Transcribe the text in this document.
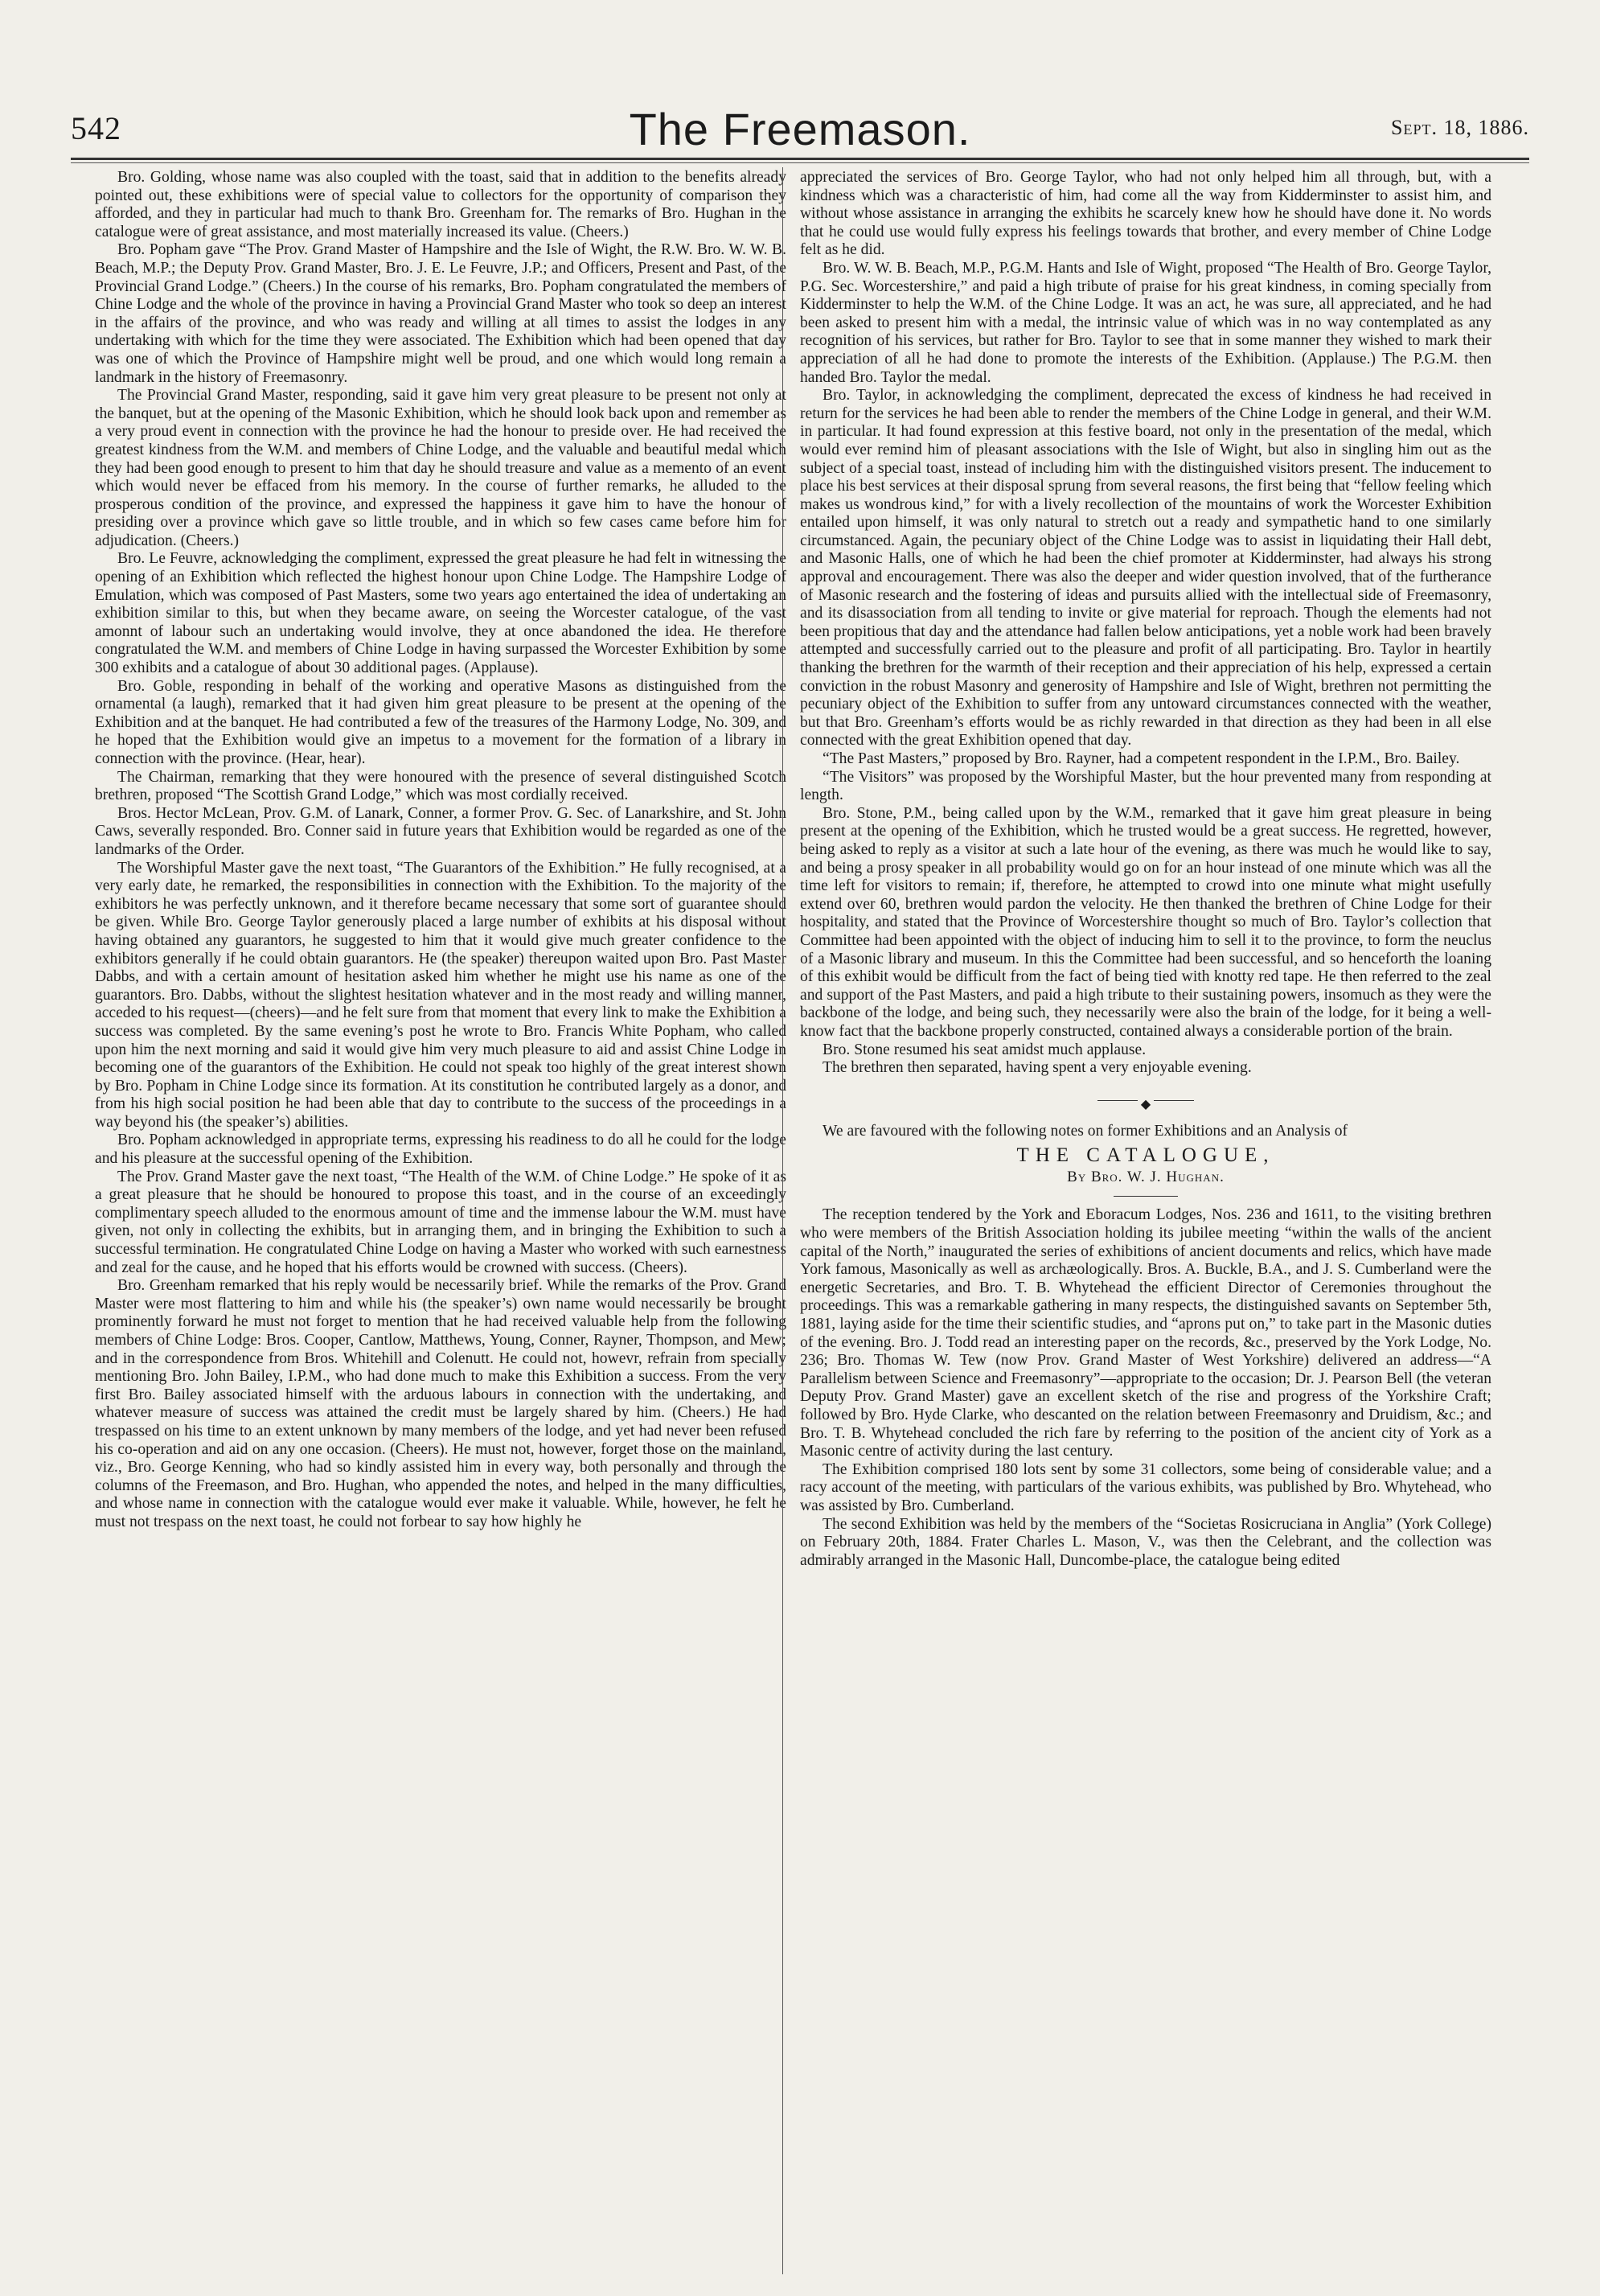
542	The Freemason.	Sept. 18, 1886.

Bro. Golding, whose name was also coupled with the toast, said that in addition to the benefits already pointed out, these exhibitions were of special value to collectors for the opportunity of comparison they afforded, and they in particular had much to thank Bro. Greenham for. The remarks of Bro. Hughan in the catalogue were of great assistance, and most materially increased its value. (Cheers.)

Bro. Popham gave “The Prov. Grand Master of Hampshire and the Isle of Wight, the R.W. Bro. W. W. B. Beach, M.P.; the Deputy Prov. Grand Master, Bro. J. E. Le Feuvre, J.P.; and Officers, Present and Past, of the Provincial Grand Lodge.” (Cheers.) In the course of his remarks, Bro. Popham congratulated the members of Chine Lodge and the whole of the province in having a Provincial Grand Master who took so deep an interest in the affairs of the province, and who was ready and willing at all times to assist the lodges in any undertaking with which for the time they were associated. The Exhibition which had been opened that day was one of which the Province of Hampshire might well be proud, and one which would long remain a landmark in the history of Freemasonry.

The Provincial Grand Master, responding, said it gave him very great pleasure to be present not only at the banquet, but at the opening of the Masonic Exhibition, which he should look back upon and remember as a very proud event in connection with the province he had the honour to preside over. He had received the greatest kindness from the W.M. and members of Chine Lodge, and the valuable and beautiful medal which they had been good enough to present to him that day he should treasure and value as a memento of an event which would never be effaced from his memory. In the course of further remarks, he alluded to the prosperous condition of the province, and expressed the happiness it gave him to have the honour of presiding over a province which gave so little trouble, and in which so few cases came before him for adjudication. (Cheers.)

Bro. Le Feuvre, acknowledging the compliment, expressed the great pleasure he had felt in witnessing the opening of an Exhibition which reflected the highest honour upon Chine Lodge. The Hampshire Lodge of Emulation, which was composed of Past Masters, some two years ago entertained the idea of undertaking an exhibition similar to this, but when they became aware, on seeing the Worcester catalogue, of the vast amonnt of labour such an undertaking would involve, they at once abandoned the idea. He therefore congratulated the W.M. and members of Chine Lodge in having surpassed the Worcester Exhibition by some 300 exhibits and a catalogue of about 30 additional pages. (Applause).

Bro. Goble, responding in behalf of the working and operative Masons as distinguished from the ornamental (a laugh), remarked that it had given him great pleasure to be present at the opening of the Exhibition and at the banquet. He had contributed a few of the treasures of the Harmony Lodge, No. 309, and he hoped that the Exhibition would give an impetus to a movement for the formation of a library in connection with the province. (Hear, hear).

The Chairman, remarking that they were honoured with the presence of several distinguished Scotch brethren, proposed “The Scottish Grand Lodge,” which was most cordially received.

Bros. Hector McLean, Prov. G.M. of Lanark, Conner, a former Prov. G. Sec. of Lanarkshire, and St. John Caws, severally responded. Bro. Conner said in future years that Exhibition would be regarded as one of the landmarks of the Order.

The Worshipful Master gave the next toast, “The Guarantors of the Exhibition.” He fully recognised, at a very early date, he remarked, the responsibilities in connection with the Exhibition. To the majority of the exhibitors he was perfectly unknown, and it therefore became necessary that some sort of guarantee should be given. While Bro. George Taylor generously placed a large number of exhibits at his disposal without having obtained any guarantors, he suggested to him that it would give much greater confidence to the exhibitors generally if he could obtain guarantors. He (the speaker) thereupon waited upon Bro. Past Master Dabbs, and with a certain amount of hesitation asked him whether he might use his name as one of the guarantors. Bro. Dabbs, without the slightest hesitation whatever and in the most ready and willing manner, acceded to his request—(cheers)—and he felt sure from that moment that every link to make the Exhibition a success was completed. By the same evening’s post he wrote to Bro. Francis White Popham, who called upon him the next morning and said it would give him very much pleasure to aid and assist Chine Lodge in becoming one of the guarantors of the Exhibition. He could not speak too highly of the great interest shown by Bro. Popham in Chine Lodge since its formation. At its constitution he contributed largely as a donor, and from his high social position he had been able that day to contribute to the success of the proceedings in a way beyond his (the speaker’s) abilities.

Bro. Popham acknowledged in appropriate terms, expressing his readiness to do all he could for the lodge and his pleasure at the successful opening of the Exhibition.

The Prov. Grand Master gave the next toast, “The Health of the W.M. of Chine Lodge.” He spoke of it as a great pleasure that he should be honoured to propose this toast, and in the course of an exceedingly complimentary speech alluded to the enormous amount of time and the immense labour the W.M. must have given, not only in collecting the exhibits, but in arranging them, and in bringing the Exhibition to such a successful termination. He congratulated Chine Lodge on having a Master who worked with such earnestness and zeal for the cause, and he hoped that his efforts would be crowned with success. (Cheers).

Bro. Greenham remarked that his reply would be necessarily brief. While the remarks of the Prov. Grand Master were most flattering to him and while his (the speaker’s) own name would necessarily be brought prominently forward he must not forget to mention that he had received valuable help from the following members of Chine Lodge: Bros. Cooper, Cantlow, Matthews, Young, Conner, Rayner, Thompson, and Mew; and in the correspondence from Bros. Whitehill and Colenutt. He could not, howevr, refrain from specially mentioning Bro. John Bailey, I.P.M., who had done much to make this Exhibition a success. From the very first Bro. Bailey associated himself with the arduous labours in connection with the undertaking, and whatever measure of success was attained the credit must be largely shared by him. (Cheers.) He had trespassed on his time to an extent unknown by many members of the lodge, and yet had never been refused his co-operation and aid on any one occasion. (Cheers). He must not, however, forget those on the mainland, viz., Bro. George Kenning, who had so kindly assisted him in every way, both personally and through the columns of the Freemason, and Bro. Hughan, who appended the notes, and helped in the many difficulties, and whose name in connection with the catalogue would ever make it valuable. While, however, he felt he must not trespass on the next toast, he could not forbear to say how highly he

appreciated the services of Bro. George Taylor, who had not only helped him all through, but, with a kindness which was a characteristic of him, had come all the way from Kidderminster to assist him, and without whose assistance in arranging the exhibits he scarcely knew how he should have done it. No words that he could use would fully express his feelings towards that brother, and every member of Chine Lodge felt as he did.

Bro. W. W. B. Beach, M.P., P.G.M. Hants and Isle of Wight, proposed “The Health of Bro. George Taylor, P.G. Sec. Worcestershire,” and paid a high tribute of praise for his great kindness, in coming specially from Kidderminster to help the W.M. of the Chine Lodge. It was an act, he was sure, all appreciated, and he had been asked to present him with a medal, the intrinsic value of which was in no way contemplated as any recognition of his services, but rather for Bro. Taylor to see that in some manner they wished to mark their appreciation of all he had done to promote the interests of the Exhibition. (Applause.) The P.G.M. then handed Bro. Taylor the medal.

Bro. Taylor, in acknowledging the compliment, deprecated the excess of kindness he had received in return for the services he had been able to render the members of the Chine Lodge in general, and their W.M. in particular. It had found expression at this festive board, not only in the presentation of the medal, which would ever remind him of pleasant associations with the Isle of Wight, but also in singling him out as the subject of a special toast, instead of including him with the distinguished visitors present. The inducement to place his best services at their disposal sprung from several reasons, the first being that “fellow feeling which makes us wondrous kind,” for with a lively recollection of the mountains of work the Worcester Exhibition entailed upon himself, it was only natural to stretch out a ready and sympathetic hand to one similarly circumstanced. Again, the pecuniary object of the Chine Lodge was to assist in liquidating their Hall debt, and Masonic Halls, one of which he had been the chief promoter at Kidderminster, had always his strong approval and encouragement. There was also the deeper and wider question involved, that of the furtherance of Masonic research and the fostering of ideas and pursuits allied with the intellectual side of Freemasonry, and its disassociation from all tending to invite or give material for reproach. Though the elements had not been propitious that day and the attendance had fallen below anticipations, yet a noble work had been bravely attempted and successfully carried out to the pleasure and profit of all participating. Bro. Taylor in heartily thanking the brethren for the warmth of their reception and their appreciation of his help, expressed a certain conviction in the robust Masonry and generosity of Hampshire and Isle of Wight, brethren not permitting the pecuniary object of the Exhibition to suffer from any untoward circumstances connected with the weather, but that Bro. Greenham’s efforts would be as richly rewarded in that direction as they had been in all else connected with the great Exhibition opened that day.

“The Past Masters,” proposed by Bro. Rayner, had a competent respondent in the I.P.M., Bro. Bailey.

“The Visitors” was proposed by the Worshipful Master, but the hour prevented many from responding at length.

Bro. Stone, P.M., being called upon by the W.M., remarked that it gave him great pleasure in being present at the opening of the Exhibition, which he trusted would be a great success. He regretted, however, being asked to reply as a visitor at such a late hour of the evening, as there was much he would like to say, and being a prosy speaker in all probability would go on for an hour instead of one minute which was all the time left for visitors to remain; if, therefore, he attempted to crowd into one minute what might usefully extend over 60, brethren would pardon the velocity. He then thanked the brethren of Chine Lodge for their hospitality, and stated that the Province of Worcestershire thought so much of Bro. Taylor’s collection that Committee had been appointed with the object of inducing him to sell it to the province, to form the neuclus of a Masonic library and museum. In this the Committee had been successful, and so henceforth the loaning of this exhibit would be difficult from the fact of being tied with knotty red tape. He then referred to the zeal and support of the Past Masters, and paid a high tribute to their sustaining powers, insomuch as they were the backbone of the lodge, and being such, they necessarily were also the brain of the lodge, for it being a well-know fact that the backbone properly constructed, contained always a considerable portion of the brain.

Bro. Stone resumed his seat amidst much applause.

The brethren then separated, having spent a very enjoyable evening.

◆

We are favoured with the following notes on former Exhibitions and an Analysis of

THE CATALOGUE,
By Bro. W. J. Hughan.

The reception tendered by the York and Eboracum Lodges, Nos. 236 and 1611, to the visiting brethren who were members of the British Association holding its jubilee meeting “within the walls of the ancient capital of the North,” inaugurated the series of exhibitions of ancient documents and relics, which have made York famous, Masonically as well as archæologically. Bros. A. Buckle, B.A., and J. S. Cumberland were the energetic Secretaries, and Bro. T. B. Whytehead the efficient Director of Ceremonies throughout the proceedings. This was a remarkable gathering in many respects, the distinguished savants on September 5th, 1881, laying aside for the time their scientific studies, and “aprons put on,” to take part in the Masonic duties of the evening. Bro. J. Todd read an interesting paper on the records, &c., preserved by the York Lodge, No. 236; Bro. Thomas W. Tew (now Prov. Grand Master of West Yorkshire) delivered an address—“A Parallelism between Science and Freemasonry”—appropriate to the occasion; Dr. J. Pearson Bell (the veteran Deputy Prov. Grand Master) gave an excellent sketch of the rise and progress of the Yorkshire Craft; followed by Bro. Hyde Clarke, who descanted on the relation between Freemasonry and Druidism, &c.; and Bro. T. B. Whytehead concluded the rich fare by referring to the position of the ancient city of York as a Masonic centre of activity during the last century.

The Exhibition comprised 180 lots sent by some 31 collectors, some being of considerable value; and a racy account of the meeting, with particulars of the various exhibits, was published by Bro. Whytehead, who was assisted by Bro. Cumberland.

The second Exhibition was held by the members of the “Societas Rosicruciana in Anglia” (York College) on February 20th, 1884. Frater Charles L. Mason, V., was then the Celebrant, and the collection was admirably arranged in the Masonic Hall, Duncombe-place, the catalogue being edited
